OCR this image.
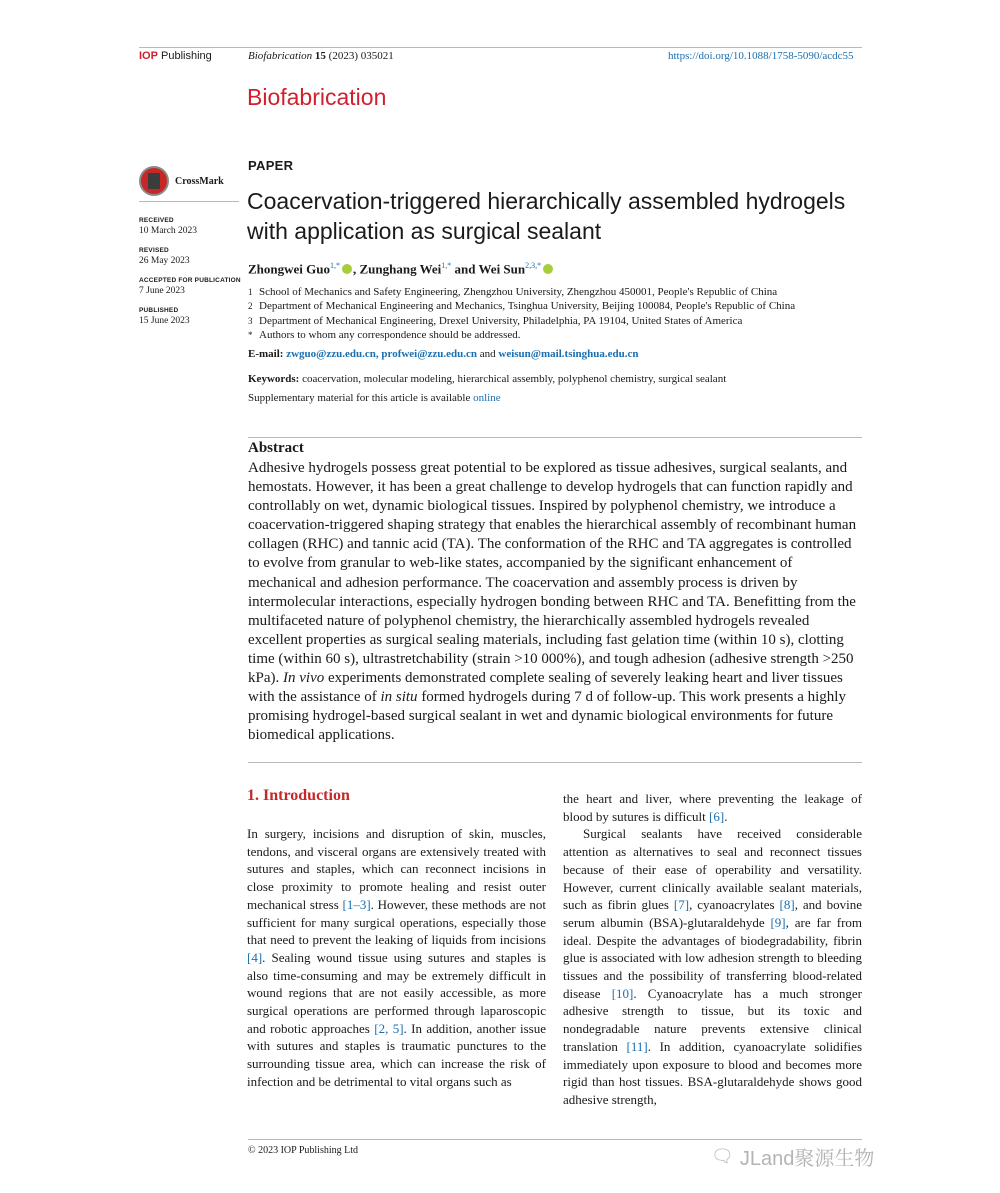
IOP Publishing	Biofabrication 15 (2023) 035021	https://doi.org/10.1088/1758-5090/acdc55
Biofabrication
CrossMark
RECEIVED
10 March 2023
REVISED
26 May 2023
ACCEPTED FOR PUBLICATION
7 June 2023
PUBLISHED
15 June 2023
PAPER
Coacervation-triggered hierarchically assembled hydrogels with application as surgical sealant
Zhongwei Guo$^{1,*}$ , Zunghang Wei$^{1,*}$ and Wei Sun$^{2,3,*}$
1 School of Mechanics and Safety Engineering, Zhengzhou University, Zhengzhou 450001, People's Republic of China
2 Department of Mechanical Engineering and Mechanics, Tsinghua University, Beijing 100084, People's Republic of China
3 Department of Mechanical Engineering, Drexel University, Philadelphia, PA 19104, United States of America
* Authors to whom any correspondence should be addressed.
E-mail: zwguo@zzu.edu.cn, profwei@zzu.edu.cn and weisun@mail.tsinghua.edu.cn
Keywords: coacervation, molecular modeling, hierarchical assembly, polyphenol chemistry, surgical sealant
Supplementary material for this article is available online
Abstract
Adhesive hydrogels possess great potential to be explored as tissue adhesives, surgical sealants, and hemostats. However, it has been a great challenge to develop hydrogels that can function rapidly and controllably on wet, dynamic biological tissues. Inspired by polyphenol chemistry, we introduce a coacervation-triggered shaping strategy that enables the hierarchical assembly of recombinant human collagen (RHC) and tannic acid (TA). The conformation of the RHC and TA aggregates is controlled to evolve from granular to web-like states, accompanied by the significant enhancement of mechanical and adhesion performance. The coacervation and assembly process is driven by intermolecular interactions, especially hydrogen bonding between RHC and TA. Benefitting from the multifaceted nature of polyphenol chemistry, the hierarchically assembled hydrogels revealed excellent properties as surgical sealing materials, including fast gelation time (within 10 s), clotting time (within 60 s), ultrastretchability (strain >10 000%), and tough adhesion (adhesive strength >250 kPa). In vivo experiments demonstrated complete sealing of severely leaking heart and liver tissues with the assistance of in situ formed hydrogels during 7 d of follow-up. This work presents a highly promising hydrogel-based surgical sealant in wet and dynamic biological environments for future biomedical applications.
1. Introduction
In surgery, incisions and disruption of skin, muscles, tendons, and visceral organs are extensively treated with sutures and staples, which can reconnect incisions in close proximity to promote healing and resist outer mechanical stress [1–3]. However, these methods are not sufficient for many surgical operations, especially those that need to prevent the leaking of liquids from incisions [4]. Sealing wound tissue using sutures and staples is also time-consuming and may be extremely difficult in wound regions that are not easily accessible, as more surgical operations are performed through laparoscopic and robotic approaches [2, 5]. In addition, another issue with sutures and staples is traumatic punctures to the surrounding tissue area, which can increase the risk of infection and be detrimental to vital organs such as
the heart and liver, where preventing the leakage of blood by sutures is difficult [6].
Surgical sealants have received considerable attention as alternatives to seal and reconnect tissues because of their ease of operability and versatility. However, current clinically available sealant materials, such as fibrin glues [7], cyanoacrylates [8], and bovine serum albumin (BSA)-glutaraldehyde [9], are far from ideal. Despite the advantages of biodegradability, fibrin glue is associated with low adhesion strength to bleeding tissues and the possibility of transferring blood-related disease [10]. Cyanoacrylate has a much stronger adhesive strength to tissue, but its toxic and nondegradable nature prevents extensive clinical translation [11]. In addition, cyanoacrylate solidifies immediately upon exposure to blood and becomes more rigid than host tissues. BSA-glutaraldehyde shows good adhesive strength,
© 2023 IOP Publishing Ltd	🗨 JLand聚源生物
